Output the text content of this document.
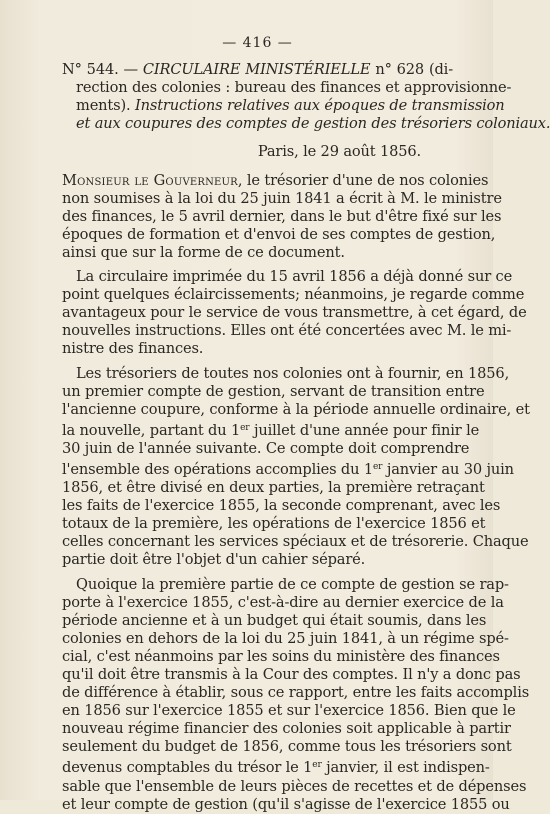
— 416 —
N° 544. — CIRCULAIRE MINISTÉRIELLE n° 628 (di-
rection des colonies : bureau des finances et approvisionne-
ments). Instructions relatives aux époques de transmission
et aux coupures des comptes de gestion des trésoriers coloniaux.
Paris, le 29 août 1856.
Monsieur le Gouverneur, le trésorier d'une de nos colonies
non soumises à la loi du 25 juin 1841 a écrit à M. le ministre
des finances, le 5 avril dernier, dans le but d'être fixé sur les
époques de formation et d'envoi de ses comptes de gestion,
ainsi que sur la forme de ce document.
La circulaire imprimée du 15 avril 1856 a déjà donné sur ce
point quelques éclaircissements; néanmoins, je regarde comme
avantageux pour le service de vous transmettre, à cet égard, de
nouvelles instructions. Elles ont été concertées avec M. le mi-
nistre des finances.
Les trésoriers de toutes nos colonies ont à fournir, en 1856,
un premier compte de gestion, servant de transition entre
l'ancienne coupure, conforme à la période annuelle ordinaire, et
la nouvelle, partant du 1er juillet d'une année pour finir le
30 juin de l'année suivante. Ce compte doit comprendre
l'ensemble des opérations accomplies du 1er janvier au 30 juin
1856, et être divisé en deux parties, la première retraçant
les faits de l'exercice 1855, la seconde comprenant, avec les
totaux de la première, les opérations de l'exercice 1856 et
celles concernant les services spéciaux et de trésorerie. Chaque
partie doit être l'objet d'un cahier séparé.
Quoique la première partie de ce compte de gestion se rap-
porte à l'exercice 1855, c'est-à-dire au dernier exercice de la
période ancienne et à un budget qui était soumis, dans les
colonies en dehors de la loi du 25 juin 1841, à un régime spé-
cial, c'est néanmoins par les soins du ministère des finances
qu'il doit être transmis à la Cour des comptes. Il n'y a donc pas
de différence à établir, sous ce rapport, entre les faits accomplis
en 1856 sur l'exercice 1855 et sur l'exercice 1856. Bien que le
nouveau régime financier des colonies soit applicable à partir
seulement du budget de 1856, comme tous les trésoriers sont
devenus comptables du trésor le 1er janvier, il est indispen-
sable que l'ensemble de leurs pièces de recettes et de dépenses
et leur compte de gestion (qu'il s'agisse de l'exercice 1855 ou
